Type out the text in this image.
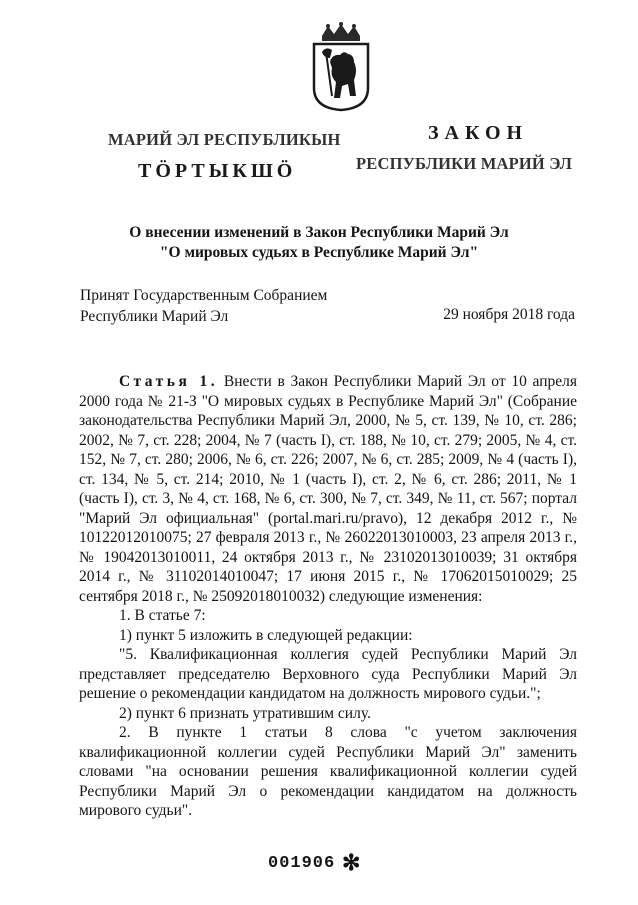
МАРИЙ ЭЛ РЕСПУБЛИКЫН
ТӦРТЫКШӦ
ЗАКОН
РЕСПУБЛИКИ МАРИЙ ЭЛ
О внесении изменений в Закон Республики Марий Эл
"О мировых судьях в Республике Марий Эл"
Принят Государственным Собранием
Республики Марий Эл	29 ноября 2018 года

Статья 1. Внести в Закон Республики Марий Эл от 10 апреля 2000 года № 21-З "О мировых судьях в Республике Марий Эл" (Собрание законодательства Республики Марий Эл, 2000, № 5, ст. 139, № 10, ст. 286; 2002, № 7, ст. 228; 2004, № 7 (часть I), ст. 188, № 10, ст. 279; 2005, № 4, ст. 152, № 7, ст. 280; 2006, № 6, ст. 226; 2007, № 6, ст. 285; 2009, № 4 (часть I), ст. 134, № 5, ст. 214; 2010, № 1 (часть I), ст. 2, № 6, ст. 286; 2011, № 1 (часть I), ст. 3, № 4, ст. 168, № 6, ст. 300, № 7, ст. 349, № 11, ст. 567; портал "Марий Эл официальная" (portal.mari.ru/pravo), 12 декабря 2012 г., № 10122012010075; 27 февраля 2013 г., № 26022013010003, 23 апреля 2013 г., № 19042013010011, 24 октября 2013 г., № 23102013010039; 31 октября 2014 г., № 31102014010047; 17 июня 2015 г., № 17062015010029; 25 сентября 2018 г., № 25092018010032) следующие изменения:

1. В статье 7:

1) пункт 5 изложить в следующей редакции:

"5. Квалификационная коллегия судей Республики Марий Эл представляет председателю Верховного суда Республики Марий Эл решение о рекомендации кандидатом на должность мирового судьи.";

2) пункт 6 признать утратившим силу.

2. В пункте 1 статьи 8 слова "с учетом заключения квалификационной коллегии судей Республики Марий Эл" заменить словами "на основании решения квалификационной коллегии судей Республики Марий Эл о рекомендации кандидатом на должность мирового судьи".

001906 ✻
